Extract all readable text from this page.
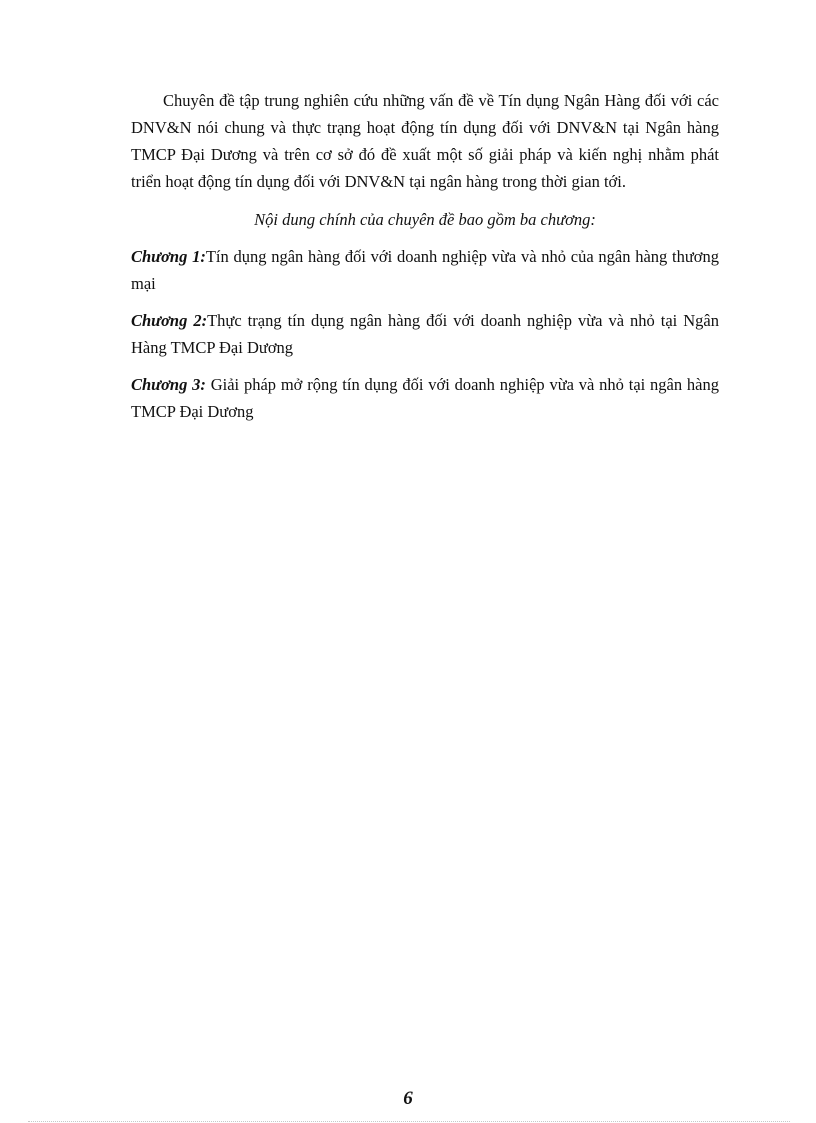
Chuyên đề tập trung nghiên cứu những vấn đề về Tín dụng Ngân Hàng đối với các DNV&N nói chung và thực trạng hoạt động tín dụng đối với DNV&N tại Ngân hàng TMCP Đại Dương và trên cơ sở đó đề xuất một số giải pháp và kiến nghị nhằm phát triển hoạt động tín dụng đối với DNV&N tại ngân hàng trong thời gian tới.

Nội dung chính của chuyên đề bao gồm ba chương:

Chương 1:Tín dụng ngân hàng đối với doanh nghiệp vừa và nhỏ của ngân hàng thương mại

Chương 2:Thực trạng tín dụng ngân hàng đối với doanh nghiệp vừa và nhỏ tại Ngân Hàng TMCP Đại Dương

Chương 3: Giải pháp mở rộng tín dụng đối với doanh nghiệp vừa và nhỏ tại ngân hàng TMCP Đại Dương

6
